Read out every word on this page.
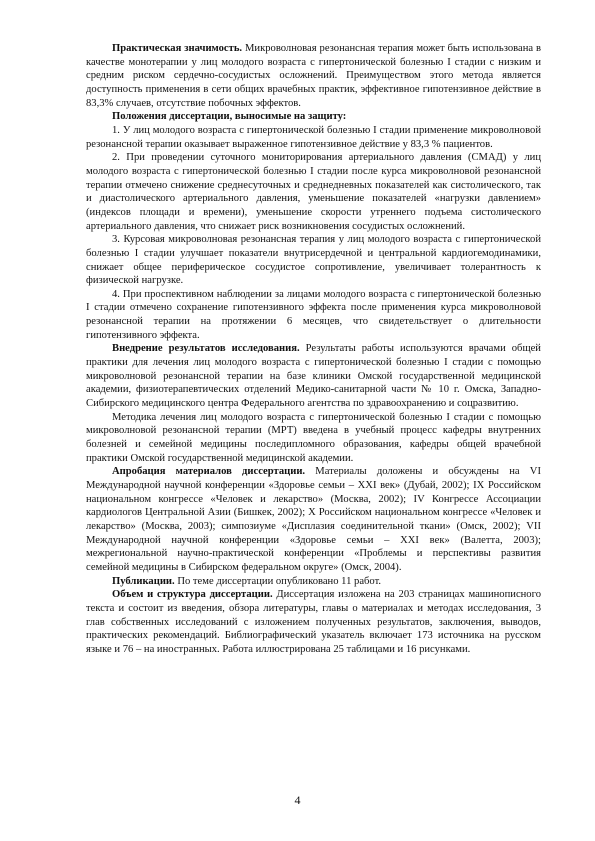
Практическая значимость. Микроволновая резонансная терапия может быть использована в качестве монотерапии у лиц молодого возраста с гипертонической болезнью I стадии с низким и средним риском сердечно-сосудистых осложнений. Преимуществом этого метода является доступность применения в сети общих врачебных практик, эффективное гипотензивное действие в 83,3% случаев, отсутствие побочных эффектов.

Положения диссертации, выносимые на защиту:

1. У лиц молодого возраста с гипертонической болезнью I стадии применение микроволновой резонансной терапии оказывает выраженное гипотензивное действие у 83,3 % пациентов.

2. При проведении суточного мониторирования артериального давления (СМАД) у лиц молодого возраста с гипертонической болезнью I стадии после курса микроволновой резонансной терапии отмечено снижение среднесуточных и среднедневных показателей как систолического, так и диастолического артериального давления, уменьшение показателей «нагрузки давлением» (индексов площади и времени), уменьшение скорости утреннего подъема систолического артериального давления, что снижает риск возникновения сосудистых осложнений.

3. Курсовая микроволновая резонансная терапия у лиц молодого возраста с гипертонической болезнью I стадии улучшает показатели внутрисердечной и центральной кардиогемодинамики, снижает общее периферическое сосудистое сопротивление, увеличивает толерантность к физической нагрузке.

4. При проспективном наблюдении за лицами молодого возраста с гипертонической болезнью I стадии отмечено сохранение гипотензивного эффекта после применения курса микроволновой резонансной терапии на протяжении 6 месяцев, что свидетельствует о длительности гипотензивного эффекта.

Внедрение результатов исследования. Результаты работы используются врачами общей практики для лечения лиц молодого возраста с гипертонической болезнью I стадии с помощью микроволновой резонансной терапии на базе клиники Омской государственной медицинской академии, физиотерапевтических отделений Медико-санитарной части № 10 г. Омска, Западно-Сибирского медицинского центра Федерального агентства по здравоохранению и соцразвитию.

Методика лечения лиц молодого возраста с гипертонической болезнью I стадии с помощью микроволновой резонансной терапии (МРТ) введена в учебный процесс кафедры внутренних болезней и семейной медицины последипломного образования, кафедры общей врачебной практики Омской государственной медицинской академии.

Апробация материалов диссертации. Материалы доложены и обсуждены на VI Международной научной конференции «Здоровье семьи – XXI век» (Дубай, 2002); IX Российском национальном конгрессе «Человек и лекарство» (Москва, 2002); IV Конгрессе Ассоциации кардиологов Центральной Азии (Бишкек, 2002); X Российском национальном конгрессе «Человек и лекарство» (Москва, 2003); симпозиуме «Дисплазия соединительной ткани» (Омск, 2002); VII Международной научной конференции «Здоровье семьи – XXI век» (Валетта, 2003); межрегиональной научно-практической конференции «Проблемы и перспективы развития семейной медицины в Сибирском федеральном округе» (Омск, 2004).

Публикации. По теме диссертации опубликовано 11 работ.

Объем и структура диссертации. Диссертация изложена на 203 страницах машинописного текста и состоит из введения, обзора литературы, главы о материалах и методах исследования, 3 глав собственных исследований с изложением полученных результатов, заключения, выводов, практических рекомендаций. Библиографический указатель включает 173 источника на русском языке и 76 – на иностранных. Работа иллюстрирована 25 таблицами и 16 рисунками.

4
